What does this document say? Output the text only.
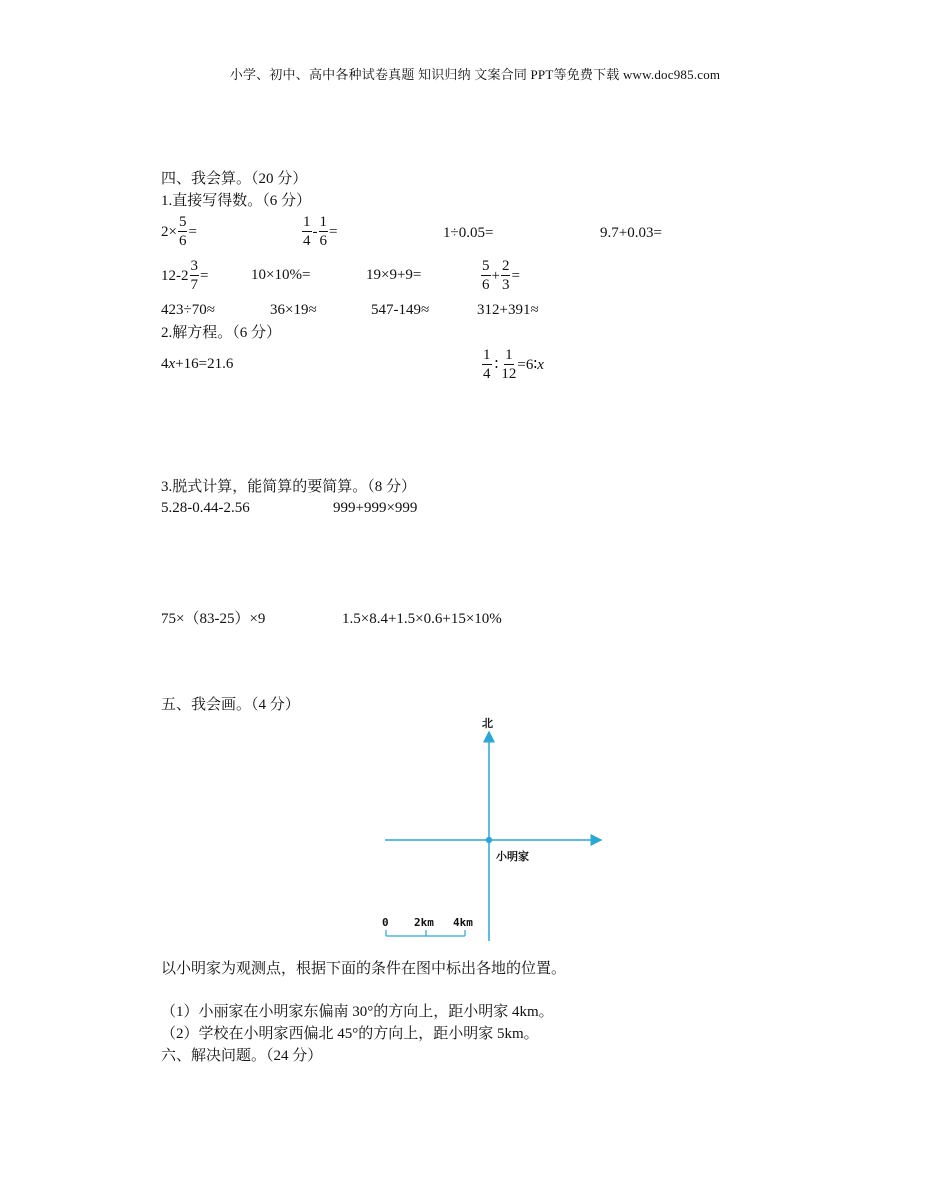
小学、初中、高中各种试卷真题 知识归纳 文案合同 PPT等免费下载 www.doc985.com
四、我会算。（20 分）
1.直接写得数。（6 分）
$2\times \frac{5}{6}$ =	$\frac{1}{4} - \frac{1}{6}$ =	1÷0.05=	9.7+0.03=
$12-2 \frac{3}{7}$ =	10×10%=	19×9+9=	$\frac{5}{6} + \frac{2}{3}$ =
423÷70≈	36×19≈	547-149≈	312+391≈
2.解方程。（6 分）
4 x +16=21.6	$\frac{1}{4}$ ∶ $\frac{1}{12}$ =6∶ x
3.脱式计算，能简算的要简算。（8 分）
5.28-0.44-2.56	999+999×999
75×（83-25）×9	1.5×8.4+1.5×0.6+15×10%
五、我会画。（4 分）
北
小明家
0 2km 4km
以小明家为观测点，根据下面的条件在图中标出各地的位置。
（1）小丽家在小明家东偏南 30°的方向上，距小明家 4km。
（2）学校在小明家西偏北 45°的方向上，距小明家 5km。
六、解决问题。（24 分）
